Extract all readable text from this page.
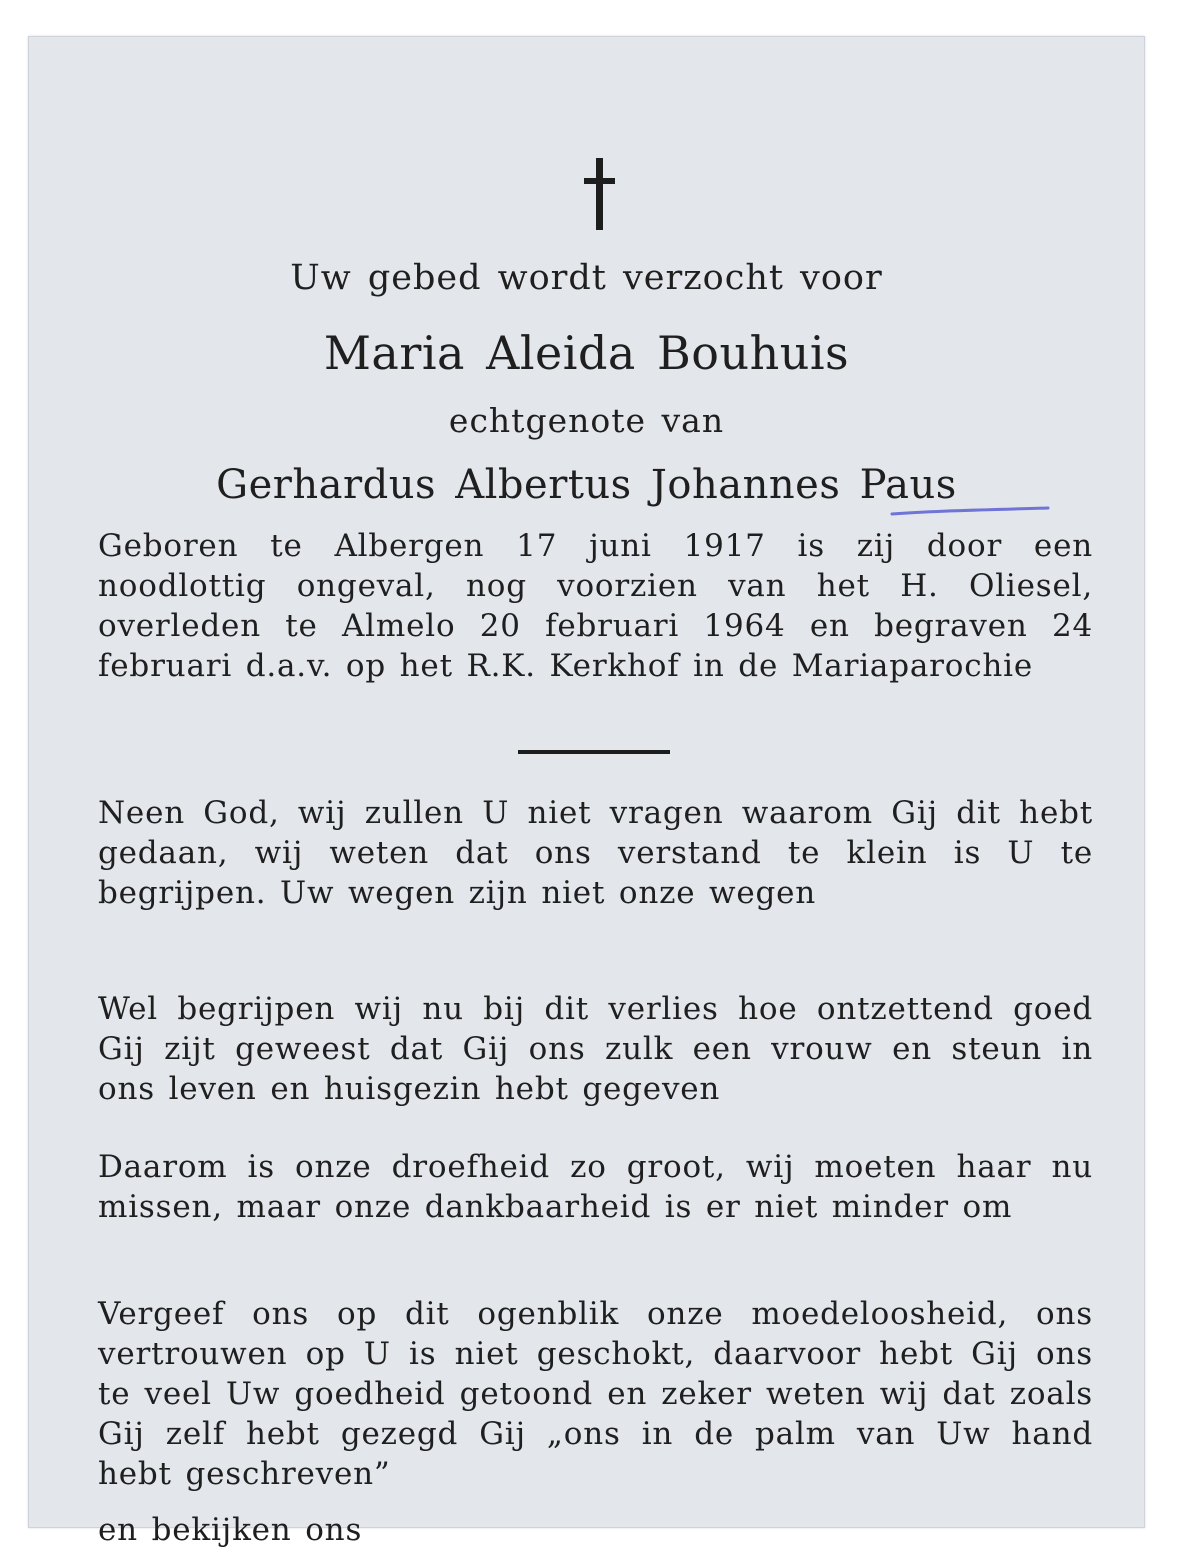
Uw gebed wordt verzocht voor

Maria Aleida Bouhuis

echtgenote van

Gerhardus Albertus Johannes Paus

Geboren te Albergen 17 juni 1917 is zij door een noodlottig ongeval, nog voorzien van het H. Oliesel, overleden te Almelo 20 februari 1964 en begraven 24 februari d.a.v. op het R.K. Kerkhof in de Mariaparochie

Neen God, wij zullen U niet vragen waarom Gij dit hebt gedaan, wij weten dat ons verstand te klein is U te begrijpen. Uw wegen zijn niet onze wegen

Wel begrijpen wij nu bij dit verlies hoe ontzettend goed Gij zijt geweest dat Gij ons zulk een vrouw en steun in ons leven en huisgezin hebt gegeven

Daarom is onze droefheid zo groot, wij moeten haar nu missen, maar onze dankbaarheid is er niet minder om

Vergeef ons op dit ogenblik onze moedeloosheid, ons vertrouwen op U is niet geschokt, daarvoor hebt Gij ons te veel Uw goedheid getoond en zeker weten wij dat zoals Gij zelf hebt gezegd Gij „ons in de palm van Uw hand hebt geschreven”

en bekijken ons
